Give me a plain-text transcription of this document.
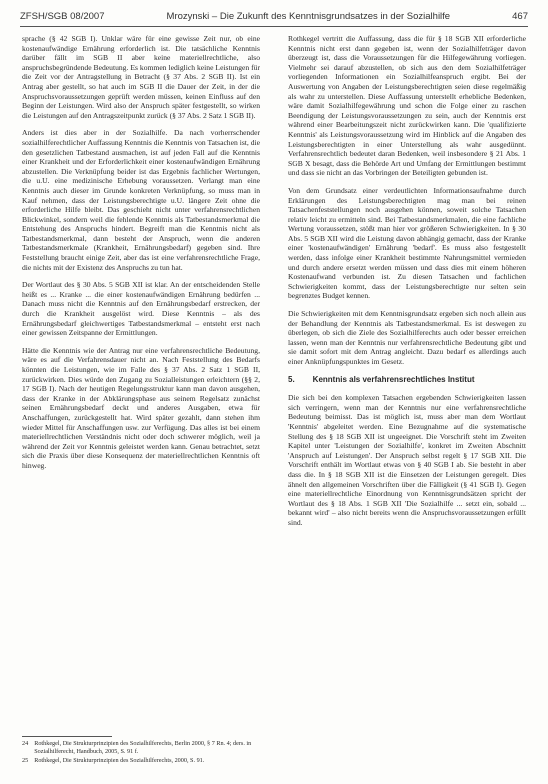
ZFSH/SGB 08/2007	Mrozynski – Die Zukunft des Kenntnisgrundsatzes in der Sozialhilfe	467

sprache (§ 42 SGB I). Unklar wäre für eine gewisse Zeit nur, ob eine kostenaufwändige Ernährung erforderlich ist. Die tatsächliche Kenntnis darüber fällt im SGB II aber keine materiellrechtliche, also anspruchsbegründende Bedeutung. Es kommen lediglich keine Leistungen für die Zeit vor der Antragstellung in Betracht (§ 37 Abs. 2 SGB II). Ist ein Antrag aber gestellt, so hat auch im SGB II die Dauer der Zeit, in der die Anspruchsvoraussetzungen geprüft werden müssen, keinen Einfluss auf den Beginn der Leistungen. Wird also der Anspruch später festgestellt, so wirken die Leistungen auf den Antragszeitpunkt zurück (§ 37 Abs. 2 Satz 1 SGB II).

Anders ist dies aber in der Sozialhilfe. Da nach vorherrschender sozialhilferechtlicher Auffassung Kenntnis die Kenntnis von Tatsachen ist, die den gesetzlichen Tatbestand ausmachen, ist auf jeden Fall auf die Kenntnis einer Krankheit und der Erforderlichkeit einer kostenaufwändigen Ernährung abzustellen. Die Verknüpfung beider ist das Ergebnis fachlicher Wertungen, die u.U. eine medizinische Erhebung voraussetzen. Verlangt man eine Kenntnis auch dieser im Grunde konkreten Verknüpfung, so muss man in Kauf nehmen, dass der Leistungsberechtigte u.U. längere Zeit ohne die erforderliche Hilfe bleibt. Das geschieht nicht unter verfahrensrechtlichen Blickwinkel, sondern weil die fehlende Kenntnis als Tatbestandsmerkmal die Entstehung des Anspruchs hindert. Begreift man die Kenntnis nicht als Tatbestandsmerkmal, dann besteht der Anspruch, wenn die anderen Tatbestandsmerkmale (Krankheit, Ernährungsbedarf) gegeben sind. Ihre Feststellung braucht einige Zeit, aber das ist eine verfahrensrechtliche Frage, die nichts mit der Existenz des Anspruchs zu tun hat.

Der Wortlaut des § 30 Abs. 5 SGB XII ist klar. An der entscheidenden Stelle heißt es ... Kranke ... die einer kostenaufwändigen Ernährung bedürfen ... Danach muss nicht die Kenntnis auf den Ernährungsbedarf erstrecken, der durch die Krankheit ausgelöst wird. Diese Kenntnis – als des Ernährungsbedarf gleichwertiges Tatbestandsmerkmal – entsteht erst nach einer gewissen Zeitspanne der Ermittlungen.

Hätte die Kenntnis wie der Antrag nur eine verfahrensrechtliche Bedeutung, wäre es auf die Verfahrensdauer nicht an. Nach Feststellung des Bedarfs könnten die Leistungen, wie im Falle des § 37 Abs. 2 Satz 1 SGB II, zurückwirken. Dies würde den Zugang zu Sozialleistungen erleichtern (§§ 2, 17 SGB I). Nach der heutigen Regelungsstruktur kann man davon ausgehen, dass der Kranke in der Abklärungsphase aus seinem Regelsatz zunächst seinen Ernährungsbedarf deckt und anderes Ausgaben, etwa für Anschaffungen, zurückgestellt hat. Wird später gezahlt, dann stehen ihm wieder Mittel für Anschaffungen usw. zur Verfügung. Das alles ist bei einem materiellrechtlichen Verständnis nicht oder doch schwerer möglich, weil ja während der Zeit vor Kenntnis geleistet werden kann. Genau betrachtet, setzt sich die Praxis über diese Konsequenz der materiellrechtlichen Kenntnis oft hinweg.

Rothkegel vertritt die Auffassung, dass die für § 18 SGB XII erforderliche Kenntnis nicht erst dann gegeben ist, wenn der Sozialhilfeträger davon überzeugt ist, dass die Voraussetzungen für die Hilfegewährung vorliegen. Vielmehr sei darauf abzustellen, ob sich aus den dem Sozialhilfeträger vorliegenden Informationen ein Sozialhilfeanspruch ergibt. Bei der Auswertung von Angaben der Leistungsberechtigten seien diese regelmäßig als wahr zu unterstellen. Diese Auffassung unterstellt erhebliche Bedenken, wäre damit Sozialhilfegewährung und schon die Folge einer zu raschen Beendigung der Leistungsvoraussetzungen zu sein, auch der Kenntnis erst während einer Bearbeitungszeit nicht zurückwirken kann. Die 'qualifizierte Kenntnis' als Leistungsvoraussetzung wird im Hinblick auf die Angaben des Leistungsberechtigten in einer Unterstellung als wahr ausgedünnt. Verfahrensrechtlich bedeutet daran Bedenken, weil insbesondere § 21 Abs. 1 SGB X besagt, dass die Behörde Art und Umfang der Ermittlungen bestimmt und dass sie nicht an das Vorbringen der Beteiligten gebunden ist.

Von dem Grundsatz einer verdeutlichten Informationsaufnahme durch Erklärungen des Leistungsberechtigten mag man bei reinen Tatsachenfeststellungen noch ausgehen können, soweit solche Tatsachen relativ leicht zu ermitteln sind. Bei Tatbestandsmerkmalen, die eine fachliche Wertung voraussetzen, stößt man hier vor größeren Schwierigkeiten. In § 30 Abs. 5 SGB XII wird die Leistung davon abhängig gemacht, dass der Kranke einer 'kostenaufwändigen' Ernährung 'bedarf'. Es muss also festgestellt werden, dass infolge einer Krankheit bestimmte Nahrungsmittel vermieden und durch andere ersetzt werden müssen und dass dies mit einem höheren Kostenaufwand verbunden ist. Zu diesen Tatsachen und fachlichen Schwierigkeiten kommt, dass der Leistungsberechtigte nur selten sein begrenztes Budget kennen.

Die Schwierigkeiten mit dem Kenntnisgrundsatz ergeben sich noch allein aus der Behandlung der Kenntnis als Tatbestandsmerkmal. Es ist deswegen zu überlegen, ob sich die Ziele des Sozialhilferechts auch oder besser erreichen lassen, wenn man der Kenntnis nur verfahrensrechtliche Bedeutung gibt und sie damit sofort mit dem Antrag angleicht. Dazu bedarf es allerdings auch einer Anknüpfungspunktes im Gesetz.

5. Kenntnis als verfahrensrechtliches Institut

Die sich bei den komplexen Tatsachen ergebenden Schwierigkeiten lassen sich verringern, wenn man der Kenntnis nur eine verfahrensrechtliche Bedeutung beimisst. Das ist möglich ist, muss aber man dem Wortlaut 'Kenntnis' abgeleitet werden. Eine Bezugnahme auf die systematische Stellung des § 18 SGB XII ist ungeeignet. Die Vorschrift steht im Zweiten Kapitel unter 'Leistungen der Sozialhilfe', konkret im Zweiten Abschnitt 'Anspruch auf Leistungen'. Der Anspruch selbst regelt § 17 SGB XII. Die Vorschrift enthält im Wortlaut etwas von § 40 SGB I ab. Sie besteht in aber dass die. In § 18 SGB XII ist die Einsetzen der Leistungen geregelt. Dies ähnelt den allgemeinen Vorschriften über die Fälligkeit (§ 41 SGB I). Gegen eine materiellrechtliche Einordnung von Kenntnisgrundsätzen spricht der Wortlaut des § 18 Abs. 1 SGB XII 'Die Sozialhilfe ... setzt ein, sobald ... bekannt wird' – also nicht bereits wenn die Anspruchsvoraussetzungen erfüllt sind.

24 Rothkegel, Die Strukturprinzipien des Sozialhilferechts, Berlin 2000, § 7 Rn. 4; ders. in Sozialhilferecht, Handbuch, 2005, S. 91 f.
25 Rothkegel, Die Strukturprinzipien des Sozialhilferechts, 2000, S. 91.
